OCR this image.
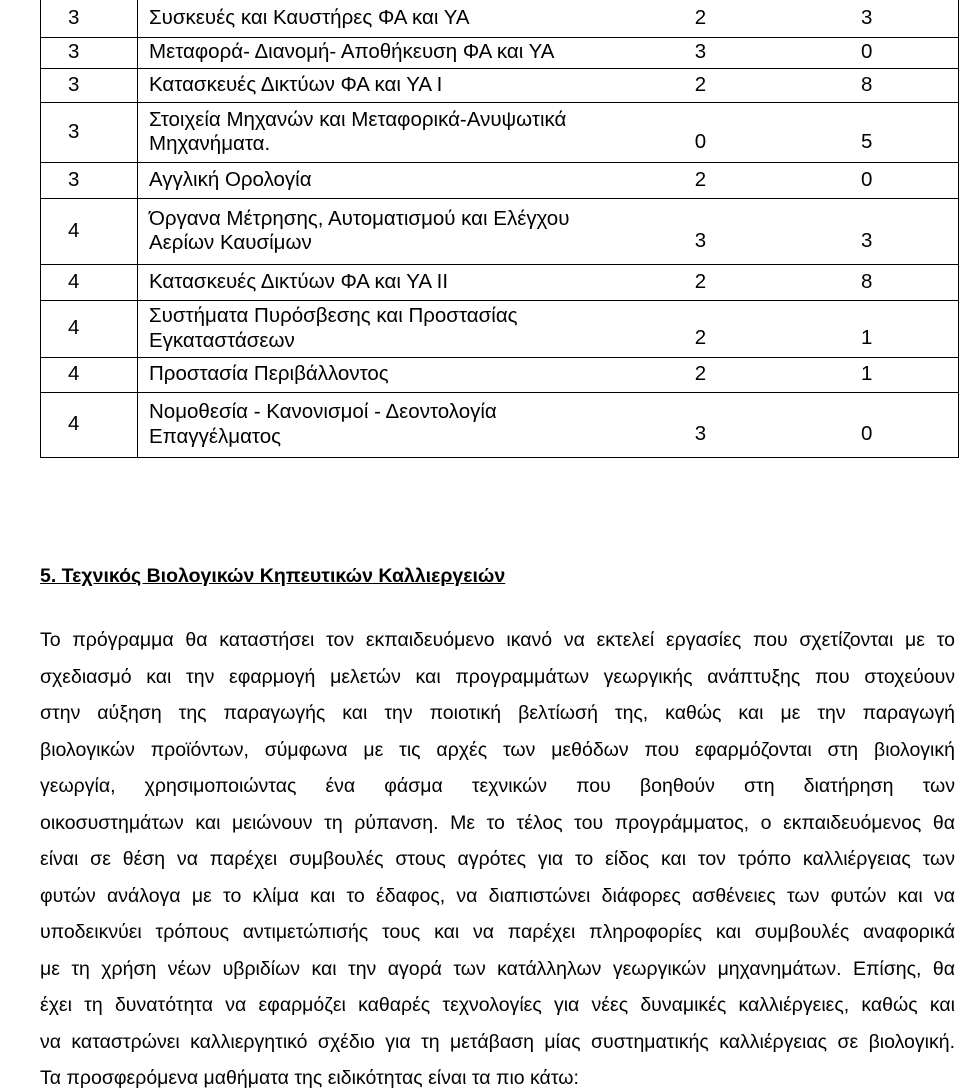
3	Συσκευές και Καυστήρες ΦΑ και ΥΑ	2	3
3	Μεταφορά- Διανομή- Αποθήκευση ΦΑ και ΥΑ	3	0
3	Κατασκευές Δικτύων ΦΑ και ΥΑ I	2	8
3	Στοιχεία Μηχανών και Μεταφορικά-Ανυψωτικά
Μηχανήματα.	0	5
3	Αγγλική Ορολογία	2	0
4	Όργανα Μέτρησης, Αυτοματισμού και Ελέγχου
Αερίων Καυσίμων	3	3
4	Κατασκευές Δικτύων ΦΑ και ΥΑ II	2	8
4	Συστήματα Πυρόσβεσης και Προστασίας
Εγκαταστάσεων	2	1
4	Προστασία Περιβάλλοντος	2	1
4	Νομοθεσία - Κανονισμοί - Δεοντολογία
Επαγγέλματος	3	0
5. Τεχνικός Βιολογικών Κηπευτικών Καλλιεργειών
Το πρόγραμμα θα καταστήσει τον εκπαιδευόμενο ικανό να εκτελεί εργασίες που σχετίζονται με το
σχεδιασμό και την εφαρμογή μελετών και προγραμμάτων γεωργικής ανάπτυξης που στοχεύουν
στην αύξηση της παραγωγής και την ποιοτική βελτίωσή της, καθώς και με την παραγωγή
βιολογικών προϊόντων, σύμφωνα με τις αρχές των μεθόδων που εφαρμόζονται στη βιολογική
γεωργία, χρησιμοποιώντας ένα φάσμα τεχνικών που βοηθούν στη διατήρηση των
οικοσυστημάτων και μειώνουν τη ρύπανση. Με το τέλος του προγράμματος, ο εκπαιδευόμενος θα
είναι σε θέση να παρέχει συμβουλές στους αγρότες για το είδος και τον τρόπο καλλιέργειας των
φυτών ανάλογα με το κλίμα και το έδαφος, να διαπιστώνει διάφορες ασθένειες των φυτών και να
υποδεικνύει τρόπους αντιμετώπισής τους και να παρέχει πληροφορίες και συμβουλές αναφορικά
με τη χρήση νέων υβριδίων και την αγορά των κατάλληλων γεωργικών μηχανημάτων. Επίσης, θα
έχει τη δυνατότητα να εφαρμόζει καθαρές τεχνολογίες για νέες δυναμικές καλλιέργειες, καθώς και
να καταστρώνει καλλιεργητικό σχέδιο για τη μετάβαση μίας συστηματικής καλλιέργειας σε βιολογική.
Τα προσφερόμενα μαθήματα της ειδικότητας είναι τα πιο κάτω:
